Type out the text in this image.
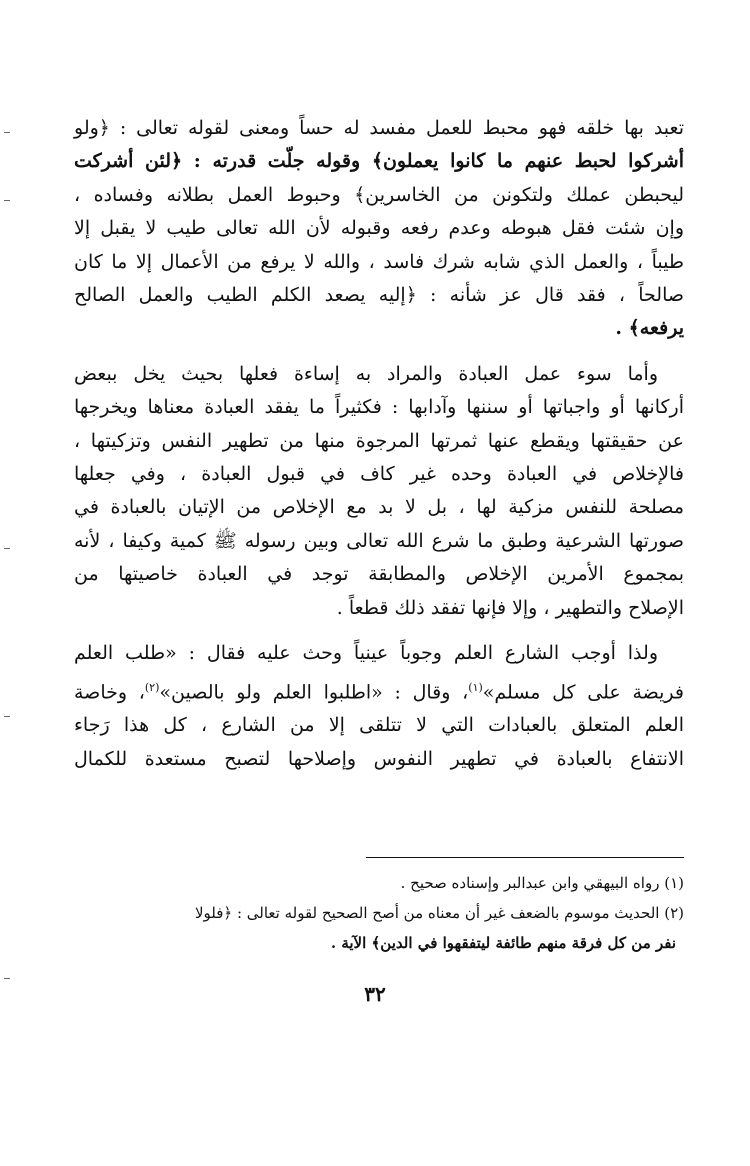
تعبد بها خلقه فهو محبط للعمل مفسد له حساً ومعنى لقوله تعالى : ﴿ولو
أشركوا لحبط عنهم ما كانوا يعملون﴾ وقوله جلّت قدرته : ﴿لئن أشركت
ليحبطن عملك ولتكونن من الخاسرين﴾ وحبوط العمل بطلانه وفساده ،
وإن شئت فقل هبوطه وعدم رفعه وقبوله لأن الله تعالى طيب لا يقبل إلا
طيباً ، والعمل الذي شابه شرك فاسد ، والله لا يرفع من الأعمال إلا ما كان
صالحاً ، فقد قال عز شأنه : ﴿إليه يصعد الكلم الطيب والعمل الصالح
يرفعه﴾ .

وأما سوء عمل العبادة والمراد به إساءة فعلها بحيث يخل ببعض
أركانها أو واجباتها أو سننها وآدابها : فكثيراً ما يفقد العبادة معناها ويخرجها
عن حقيقتها ويقطع عنها ثمرتها المرجوة منها من تطهير النفس وتزكيتها ،
فالإخلاص في العبادة وحده غير كاف في قبول العبادة ، وفي جعلها
مصلحة للنفس مزكية لها ، بل لا بد مع الإخلاص من الإتيان بالعبادة في
صورتها الشرعية وطبق ما شرع الله تعالى وبين رسوله ﷺ كمية وكيفا ، لأنه
بمجموع الأمرين الإخلاص والمطابقة توجد في العبادة خاصيتها من
الإصلاح والتطهير ، وإلا فإنها تفقد ذلك قطعاً .

ولذا أوجب الشارع العلم وجوباً عينياً وحث عليه فقال : «طلب العلم
فريضة على كل مسلم»$^{(١)}$، وقال : «اطلبوا العلم ولو بالصين»$^{(٢)}$، وخاصة
العلم المتعلق بالعبادات التي لا تتلقى إلا من الشارع ، كل هذا رَجاء
الانتفاع بالعبادة في تطهير النفوس وإصلاحها لتصبح مستعدة للكمال

(١) رواه البيهقي وابن عبدالبر وإسناده صحيح .
(٢) الحديث موسوم بالضعف غير أن معناه من أصح الصحيح لقوله تعالى : ﴿فلولا
نفر من كل فرقة منهم طائفة ليتفقهوا في الدين﴾ الآية .
٣٢
